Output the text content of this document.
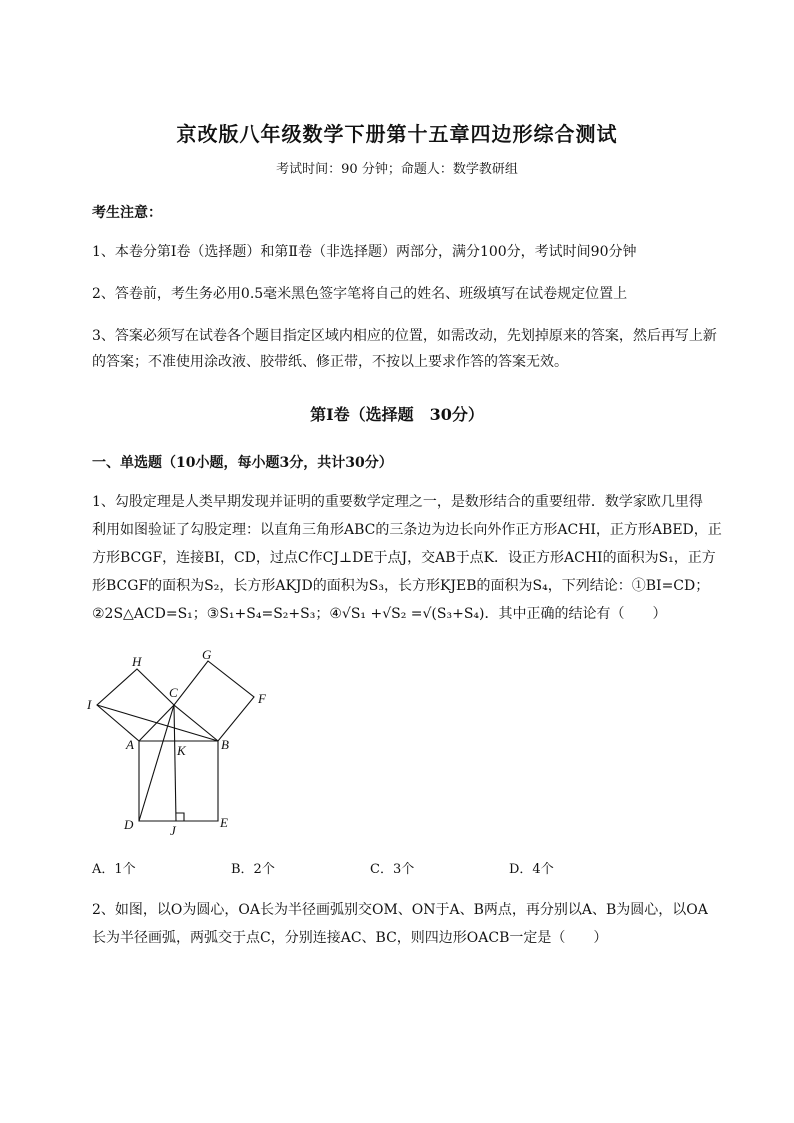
京改版八年级数学下册第十五章四边形综合测试
考试时间：90 分钟；命题人：数学教研组
考生注意：
1、本卷分第Ⅰ卷（选择题）和第Ⅱ卷（非选择题）两部分，满分100分，考试时间90分钟
2、答卷前，考生务必用0.5毫米黑色签字笔将自己的姓名、班级填写在试卷规定位置上
3、答案必须写在试卷各个题目指定区域内相应的位置，如需改动，先划掉原来的答案，然后再写上新
的答案；不准使用涂改液、胶带纸、修正带，不按以上要求作答的答案无效。
第Ⅰ卷（选择题　30分）
一、单选题（10小题，每小题3分，共计30分）
1、勾股定理是人类早期发现并证明的重要数学定理之一，是数形结合的重要纽带．数学家欧几里得
利用如图验证了勾股定理：以直角三角形ABC的三条边为边长向外作正方形ACHI，正方形ABED，正
方形BCGF，连接BI，CD，过点C作CJ⊥DE于点J，交AB于点K．设正方形ACHI的面积为S₁，正方
形BCGF的面积为S₂，长方形AKJD的面积为S₃，长方形KJEB的面积为S₄，下列结论：①BI=CD；
②2S△ACD=S₁；③S₁+S₄=S₂+S₃；④√S₁ +√S₂ =√(S₃+S₄)．其中正确的结论有（　　）
H	G
C	F
I
A	B
K
D	J
E
A．1个	B．2个	C．3个	D．4个
2、如图，以O为圆心，OA长为半径画弧别交OM、ON于A、B两点，再分别以A、B为圆心，以OA
长为半径画弧，两弧交于点C，分别连接AC、BC，则四边形OACB一定是（　　）
